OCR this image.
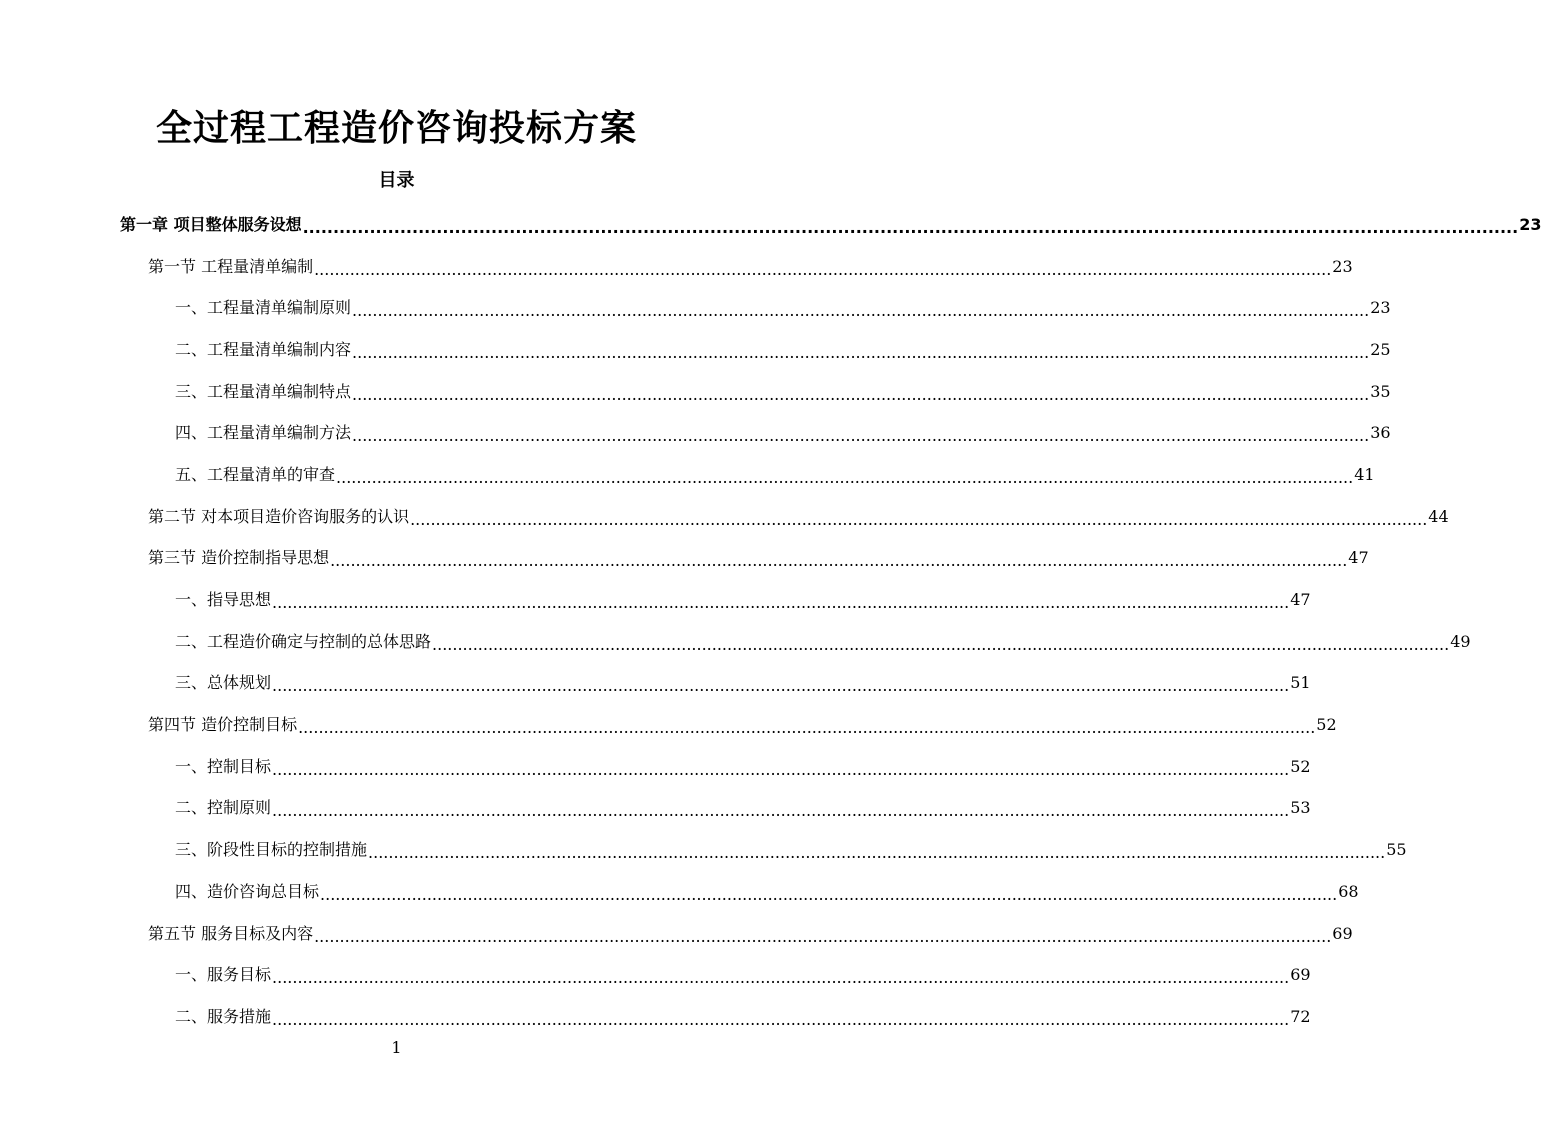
全过程工程造价咨询投标方案
目录
第一章 项目整体服务设想 ........................................................................................................................................................................................................ 23
第一节 工程量清单编制 ........................................................................................................................................................................................................ 23
一、工程量清单编制原则 ........................................................................................................................................................................................................ 23
二、工程量清单编制内容 ........................................................................................................................................................................................................ 25
三、工程量清单编制特点 ........................................................................................................................................................................................................ 35
四、工程量清单编制方法 ........................................................................................................................................................................................................ 36
五、工程量清单的审查 ........................................................................................................................................................................................................ 41
第二节 对本项目造价咨询服务的认识 ........................................................................................................................................................................................................ 44
第三节 造价控制指导思想 ........................................................................................................................................................................................................ 47
一、指导思想 ........................................................................................................................................................................................................ 47
二、工程造价确定与控制的总体思路 ........................................................................................................................................................................................................ 49
三、总体规划 ........................................................................................................................................................................................................ 51
第四节 造价控制目标 ........................................................................................................................................................................................................ 52
一、控制目标 ........................................................................................................................................................................................................ 52
二、控制原则 ........................................................................................................................................................................................................ 53
三、阶段性目标的控制措施 ........................................................................................................................................................................................................ 55
四、造价咨询总目标 ........................................................................................................................................................................................................ 68
第五节 服务目标及内容 ........................................................................................................................................................................................................ 69
一、服务目标 ........................................................................................................................................................................................................ 69
二、服务措施 ........................................................................................................................................................................................................ 72
1
